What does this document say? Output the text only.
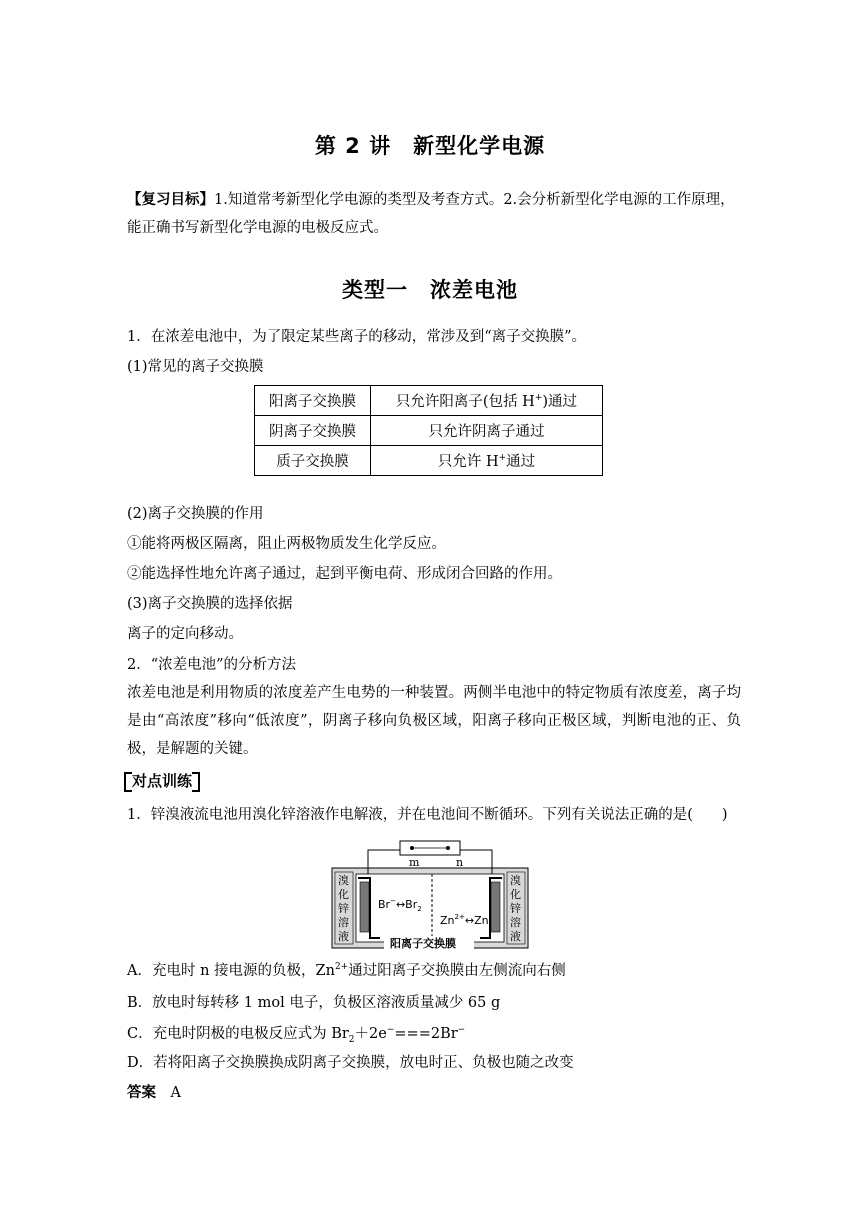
第 2 讲　新型化学电源
【复习目标】1.知道常考新型化学电源的类型及考查方式。2.会分析新型化学电源的工作原理，能正确书写新型化学电源的电极反应式。
类型一　浓差电池
1．在浓差电池中，为了限定某些离子的移动，常涉及到“离子交换膜”。
(1)常见的离子交换膜
阳离子交换膜	只允许阳离子(包括 H+)通过
阴离子交换膜	只允许阴离子通过
质子交换膜	只允许 H+通过
(2)离子交换膜的作用
①能将两极区隔离，阻止两极物质发生化学反应。
②能选择性地允许离子通过，起到平衡电荷、形成闭合回路的作用。
(3)离子交换膜的选择依据
离子的定向移动。
2．“浓差电池”的分析方法
浓差电池是利用物质的浓度差产生电势的一种装置。两侧半电池中的特定物质有浓度差，离子均是由“高浓度”移向“低浓度”，阴离子移向负极区域，阳离子移向正极区域，判断电池的正、负极，是解题的关键。
对点训练
1．锌溴液流电池用溴化锌溶液作电解液，并在电池间不断循环。下列有关说法正确的是(　　)
m	n
溴
化
锌
溶
液
溴
化
锌
溶
液
$Br^-\leftrightarrow Br_2$
$Zn^{2+}\leftrightarrow Zn$
阳离子交换膜
A．充电时 n 接电源的负极，$Zn^{2+}$通过阳离子交换膜由左侧流向右侧
B．放电时每转移 1 mol 电子，负极区溶液质量减少 65 g
C．充电时阴极的电极反应式为 $Br_2+2e^-===2Br^-$
D．若将阳离子交换膜换成阴离子交换膜，放电时正、负极也随之改变
答案　 A
